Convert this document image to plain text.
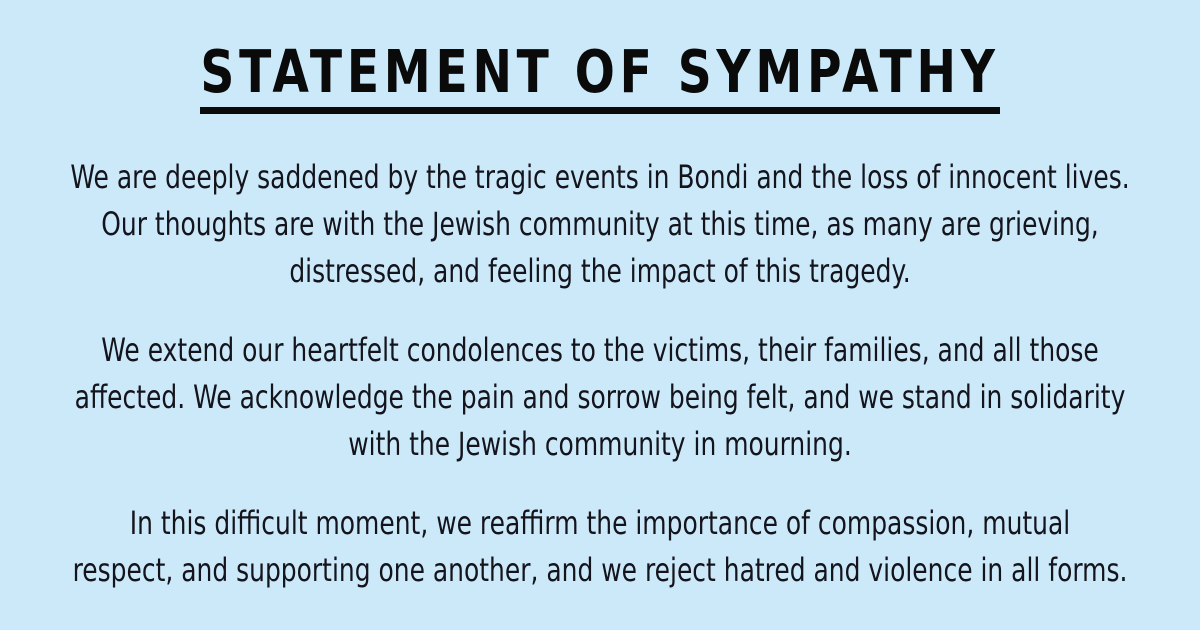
STATEMENT OF SYMPATHY
We are deeply saddened by the tragic events in Bondi and the loss of innocent lives.
Our thoughts are with the Jewish community at this time, as many are grieving,
distressed, and feeling the impact of this tragedy.
We extend our heartfelt condolences to the victims, their families, and all those
affected. We acknowledge the pain and sorrow being felt, and we stand in solidarity
with the Jewish community in mourning.
In this difficult moment, we reaffirm the importance of compassion, mutual
respect, and supporting one another, and we reject hatred and violence in all forms.
